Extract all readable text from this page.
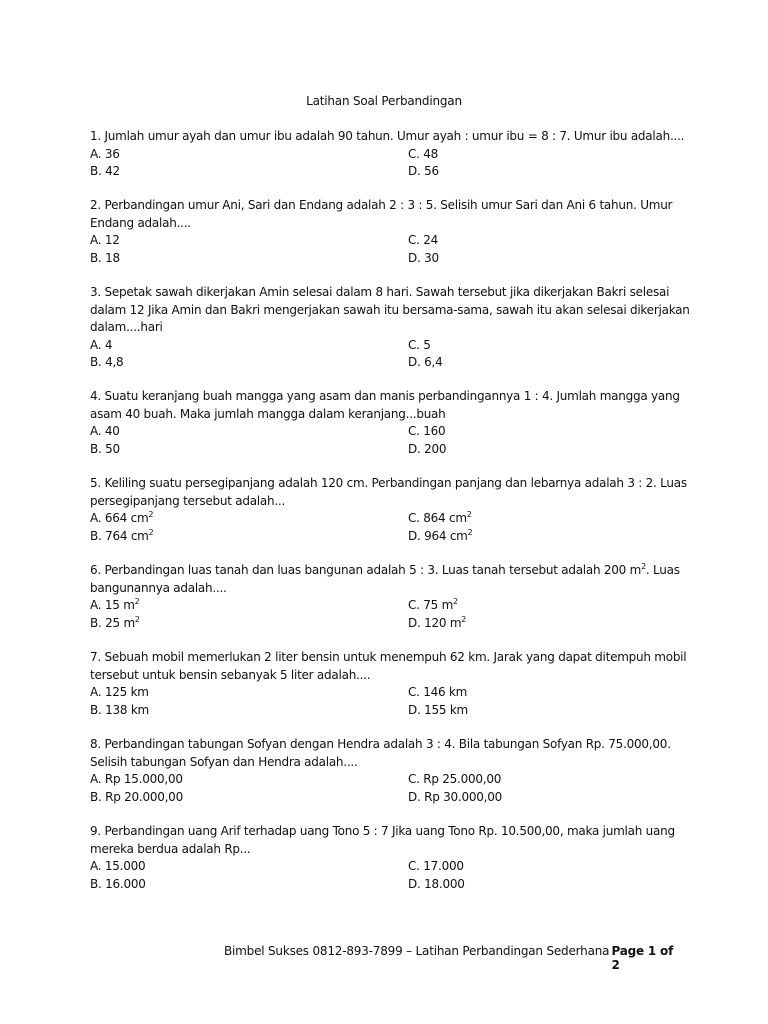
Latihan Soal Perbandingan

1. Jumlah umur ayah dan umur ibu adalah 90 tahun. Umur ayah : umur ibu = 8 : 7. Umur ibu adalah....

A. 36	C. 48
B. 42	D. 56

2. Perbandingan umur Ani, Sari dan Endang adalah 2 : 3 : 5. Selisih umur Sari dan Ani 6 tahun. Umur Endang adalah....

A. 12	C. 24
B. 18	D. 30

3. Sepetak sawah dikerjakan Amin selesai dalam 8 hari. Sawah tersebut jika dikerjakan Bakri selesai dalam 12 Jika Amin dan Bakri mengerjakan sawah itu bersama-sama, sawah itu akan selesai dikerjakan dalam....hari

A. 4	C. 5
B. 4,8	D. 6,4

4. Suatu keranjang buah mangga yang asam dan manis perbandingannya 1 : 4. Jumlah mangga yang asam 40 buah. Maka jumlah mangga dalam keranjang...buah

A. 40	C. 160
B. 50	D. 200

5. Keliling suatu persegipanjang adalah 120 cm. Perbandingan panjang dan lebarnya adalah 3 : 2. Luas persegipanjang tersebut adalah...

A. 664 $cm^2$	C. 864 $cm^2$
B. 764 $cm^2$	D. 964 $cm^2$

6. Perbandingan luas tanah dan luas bangunan adalah 5 : 3. Luas tanah tersebut adalah 200 $m^2$. Luas bangunannya adalah....

A. 15 $m^2$	C. 75 $m^2$
B. 25 $m^2$	D. 120 $m^2$

7. Sebuah mobil memerlukan 2 liter bensin untuk menempuh 62 km. Jarak yang dapat ditempuh mobil tersebut untuk bensin sebanyak 5 liter adalah....

A. 125 km	C. 146 km
B. 138 km	D. 155 km

8. Perbandingan tabungan Sofyan dengan Hendra adalah 3 : 4. Bila tabungan Sofyan Rp. 75.000,00. Selisih tabungan Sofyan dan Hendra adalah....

A. Rp 15.000,00	C. Rp 25.000,00
B. Rp 20.000,00	D. Rp 30.000,00

9. Perbandingan uang Arif terhadap uang Tono 5 : 7 Jika uang Tono Rp. 10.500,00, maka jumlah uang mereka berdua adalah Rp...

A. 15.000	C. 17.000
B. 16.000	D. 18.000
Bimbel Sukses 0812-893-7899 – Latihan Perbandingan Sederhana Page 1 of 2
